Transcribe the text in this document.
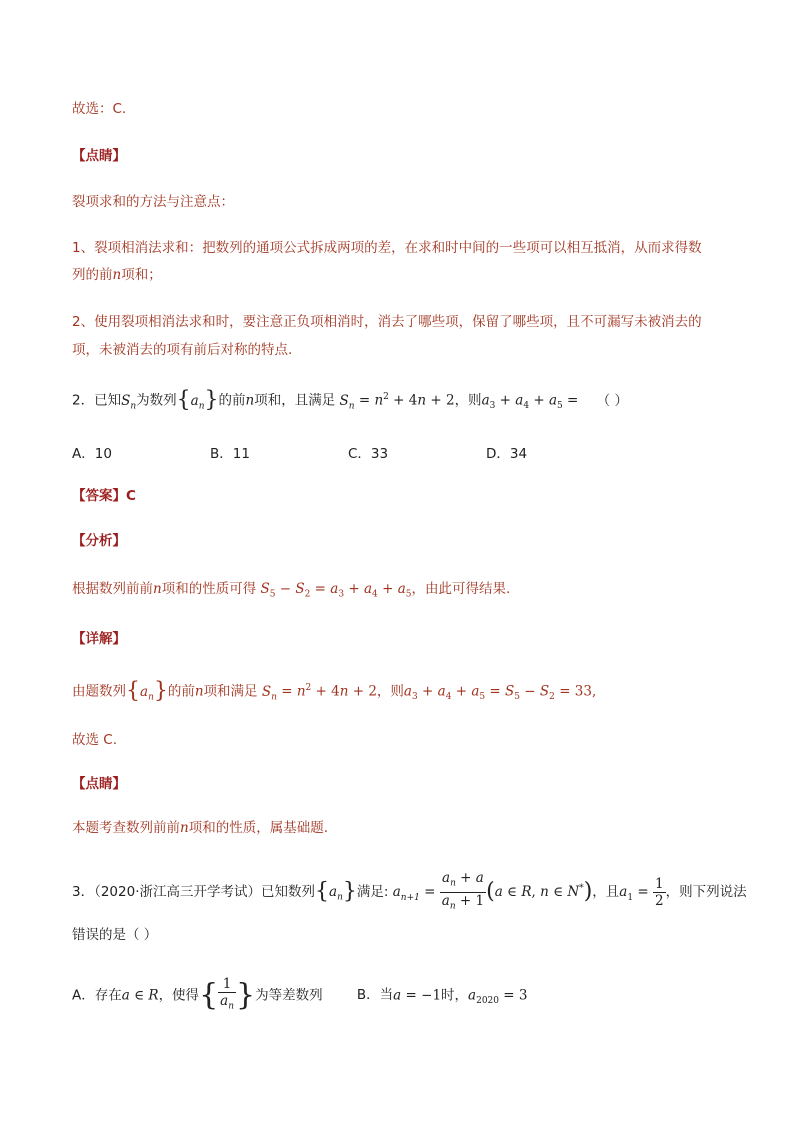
故选：C.
【点睛】
裂项求和的方法与注意点：
1、裂项相消法求和：把数列的通项公式拆成两项的差，在求和时中间的一些项可以相互抵消，从而求得数
列的前n项和；
2、使用裂项相消法求和时，要注意正负项相消时，消去了哪些项，保留了哪些项，且不可漏写未被消去的
项，未被消去的项有前后对称的特点.
2．已知$S_n$为数列$\{a_n\}$的前n项和，且满足 $S_n = n^2 + 4n + 2$，则$a_3 + a_4 + a_5$ = （ ）
A．10	B．11	C．33	D．34
【答案】C
【分析】
根据数列前前n项和的性质可得 $S_5 - S_2 = a_3 + a_4 + a_5$，由此可得结果.
【详解】
由题数列$\{a_n\}$的前n项和满足 $S_n = n^2 + 4n + 2$，则$a_3 + a_4 + a_5 = S_5 - S_2 = 33$,
故选 C.
【点睛】
本题考查数列前前n项和的性质，属基础题.
3．（2020·浙江高三开学考试）已知数列$\{a_n\}$满足: $a_{n+1} = \frac{a_n + a}{a_n + 1} (a$ ∈ R, n ∈ N*)，且$a_1 = \frac{1}{2}$ ，则下列说法
错误的是（ ）
A．存在a ∈ R，使得{ $\frac{1}{a_n}$ }为等差数列	B．当a = −1时，$a_{2020} = 3$
